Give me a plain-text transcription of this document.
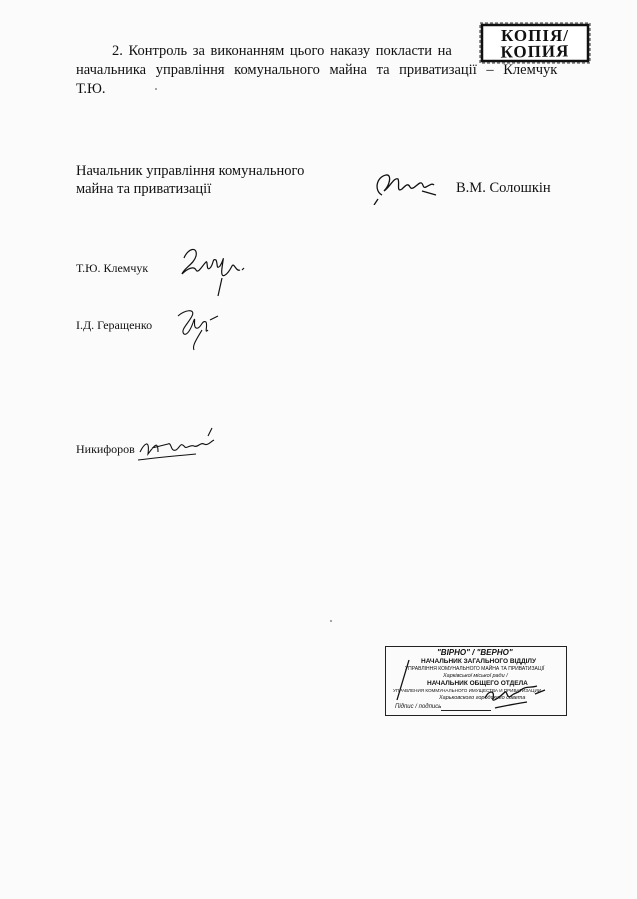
2. Контроль за виконанням цього наказу покласти на
начальника управління комунального майна та приватизації – Клемчук
Т.Ю.
КОПІЯ/
КОПИЯ
Начальник управління комунального
майна та приватизації	В.М. Солошкін
Т.Ю. Клемчук
І.Д. Геращенко
Никифоров
"ВІРНО" / "ВЕРНО"
НАЧАЛЬНИК ЗАГАЛЬНОГО ВІДДІЛУ
УПРАВЛІННЯ КОМУНАЛЬНОГО МАЙНА ТА ПРИВАТИЗАЦІЇ
Харківської міської ради /
НАЧАЛЬНИК ОБЩЕГО ОТДЕЛА
УПРАВЛЕНИЯ КОММУНАЛЬНОГО ИМУЩЕСТВА И ПРИВАТИЗАЦИИ
Харьковского городского совета
Підпис / подпись
